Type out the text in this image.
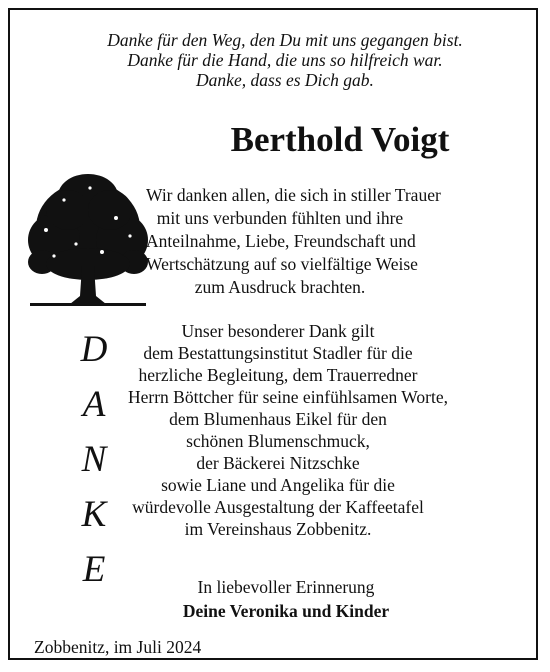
Danke für den Weg, den Du mit uns gegangen bist.
Danke für die Hand, die uns so hilfreich war.
Danke, dass es Dich gab.
Berthold Voigt
Wir danken allen, die sich in stiller Trauer
mit uns verbunden fühlten und ihre
Anteilnahme, Liebe, Freundschaft und
Wertschätzung auf so vielfältige Weise
zum Ausdruck brachten.
D
A
N
K
E
Unser besonderer Dank gilt
dem Bestattungsinstitut Stadler für die
herzliche Begleitung, dem Trauerredner
Herrn Böttcher für seine einfühlsamen Worte,
dem Blumenhaus Eikel für den
schönen Blumenschmuck,
der Bäckerei Nitzschke
sowie Liane und Angelika für die
würdevolle Ausgestaltung der Kaffeetafel
im Vereinshaus Zobbenitz.
In liebevoller Erinnerung
Deine Veronika und Kinder
Zobbenitz, im Juli 2024
